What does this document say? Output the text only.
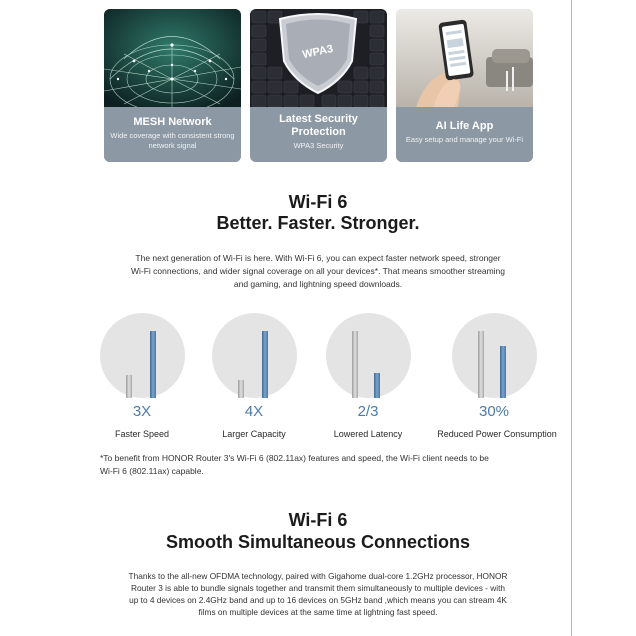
MESH Network
Wide coverage with consistent strong network signal
WPA3
Latest Security Protection
WPA3 Security
AI Life App
Easy setup and manage your Wi-Fi
Wi-Fi 6
Better. Faster. Stronger.
The next generation of Wi-Fi is here. With Wi-Fi 6, you can expect faster network speed, stronger
Wi-Fi connections, and wider signal coverage on all your devices*. That means smoother streaming
and gaming, and lightning speed downloads.
3X	4X	2/3	30%
Faster Speed	Larger Capacity	Lowered Latency	Reduced Power Consumption
*To benefit from HONOR Router 3's Wi-Fi 6 (802.11ax) features and speed, the Wi-Fi client needs to be
Wi-Fi 6 (802.11ax) capable.
Wi-Fi 6
Smooth Simultaneous Connections
Thanks to the all-new OFDMA technology, paired with Gigahome dual-core 1.2GHz processor, HONOR
Router 3 is able to bundle signals together and transmit them simultaneously to multiple devices - with
up to 4 devices on 2.4GHz band and up to 16 devices on 5GHz band ,which means you can stream 4K
films on multiple devices at the same time at lightning fast speed.
